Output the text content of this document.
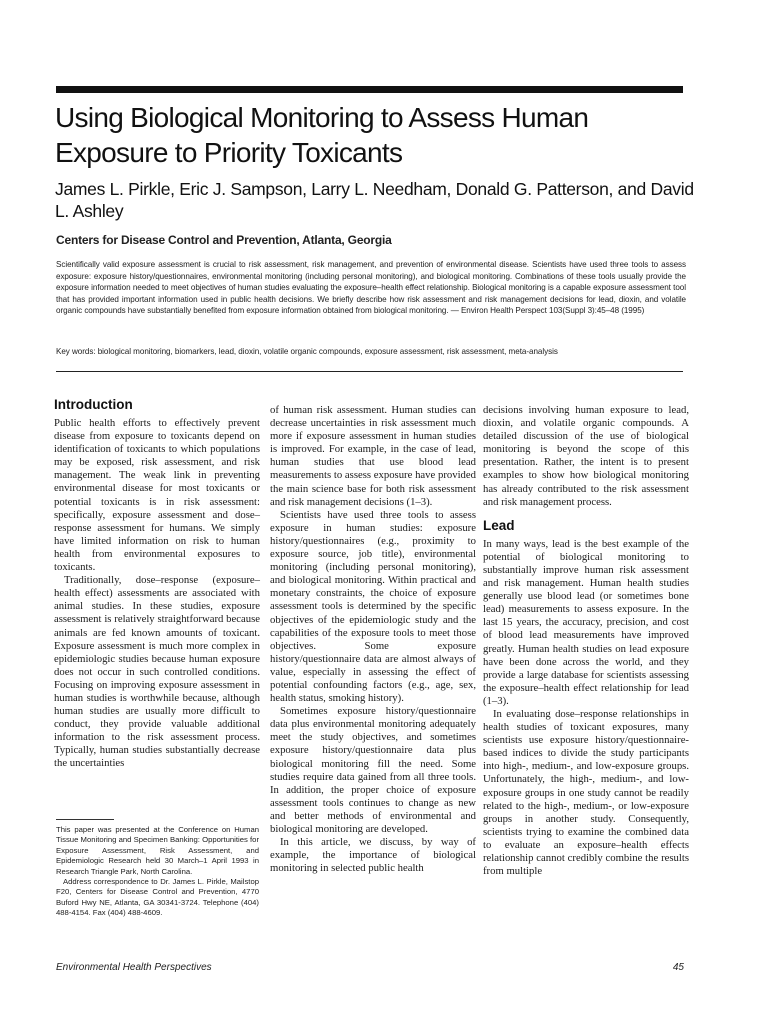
Using Biological Monitoring to Assess Human Exposure to Priority Toxicants
James L. Pirkle, Eric J. Sampson, Larry L. Needham, Donald G. Patterson, and David L. Ashley
Centers for Disease Control and Prevention, Atlanta, Georgia

Scientifically valid exposure assessment is crucial to risk assessment, risk management, and prevention of environmental disease. Scientists have used three tools to assess exposure: exposure history/questionnaires, environmental monitoring (including personal monitoring), and biological monitoring. Combinations of these tools usually provide the exposure information needed to meet objectives of human studies evaluating the exposure–health effect relationship. Biological monitoring is a capable exposure assessment tool that has provided important information used in public health decisions. We briefly describe how risk assessment and risk management decisions for lead, dioxin, and volatile organic compounds have substantially benefited from exposure information obtained from biological monitoring. — Environ Health Perspect 103(Suppl 3):45–48 (1995)

Key words: biological monitoring, biomarkers, lead, dioxin, volatile organic compounds, exposure assessment, risk assessment, meta-analysis

Introduction

Public health efforts to effectively prevent disease from exposure to toxicants depend on identification of toxicants to which populations may be exposed, risk assessment, and risk management. The weak link in preventing environmental disease for most toxicants or potential toxicants is in risk assessment: specifically, exposure assessment and dose–response assessment for humans. We simply have limited information on risk to human health from environmental exposures to toxicants.

Traditionally, dose–response (exposure–health effect) assessments are associated with animal studies. In these studies, exposure assessment is relatively straightforward because animals are fed known amounts of toxicant. Exposure assessment is much more complex in epidemiologic studies because human exposure does not occur in such controlled conditions. Focusing on improving exposure assessment in human studies is worthwhile because, although human studies are usually more difficult to conduct, they provide valuable additional information to the risk assessment process. Typically, human studies substantially decrease the uncertainties

of human risk assessment. Human studies can decrease uncertainties in risk assessment much more if exposure assessment in human studies is improved. For example, in the case of lead, human studies that use blood lead measurements to assess exposure have provided the main science base for both risk assessment and risk management decisions (1–3).

Scientists have used three tools to assess exposure in human studies: exposure history/questionnaires (e.g., proximity to exposure source, job title), environmental monitoring (including personal monitoring), and biological monitoring. Within practical and monetary constraints, the choice of exposure assessment tools is determined by the specific objectives of the epidemiologic study and the capabilities of the exposure tools to meet those objectives. Some exposure history/questionnaire data are almost always of value, especially in assessing the effect of potential confounding factors (e.g., age, sex, health status, smoking history).

Sometimes exposure history/questionnaire data plus environmental monitoring adequately meet the study objectives, and sometimes exposure history/questionnaire data plus biological monitoring fill the need. Some studies require data gained from all three tools. In addition, the proper choice of exposure assessment tools continues to change as new and better methods of environmental and biological monitoring are developed.

In this article, we discuss, by way of example, the importance of biological monitoring in selected public health

decisions involving human exposure to lead, dioxin, and volatile organic compounds. A detailed discussion of the use of biological monitoring is beyond the scope of this presentation. Rather, the intent is to present examples to show how biological monitoring has already contributed to the risk assessment and risk management process.

Lead

In many ways, lead is the best example of the potential of biological monitoring to substantially improve human risk assessment and risk management. Human health studies generally use blood lead (or sometimes bone lead) measurements to assess exposure. In the last 15 years, the accuracy, precision, and cost of blood lead measurements have improved greatly. Human health studies on lead exposure have been done across the world, and they provide a large database for scientists assessing the exposure–health effect relationship for lead (1–3).

In evaluating dose–response relationships in health studies of toxicant exposures, many scientists use exposure history/questionnaire-based indices to divide the study participants into high-, medium-, and low-exposure groups. Unfortunately, the high-, medium-, and low-exposure groups in one study cannot be readily related to the high-, medium-, or low-exposure groups in another study. Consequently, scientists trying to examine the combined data to evaluate an exposure–health effects relationship cannot credibly combine the results from multiple

This paper was presented at the Conference on Human Tissue Monitoring and Specimen Banking: Opportunities for Exposure Assessment, Risk Assessment, and Epidemiologic Research held 30 March–1 April 1993 in Research Triangle Park, North Carolina.

Address correspondence to Dr. James L. Pirkle, Mailstop F20, Centers for Disease Control and Prevention, 4770 Buford Hwy NE, Atlanta, GA 30341-3724. Telephone (404) 488-4154. Fax (404) 488-4609.

Environmental Health Perspectives	45
